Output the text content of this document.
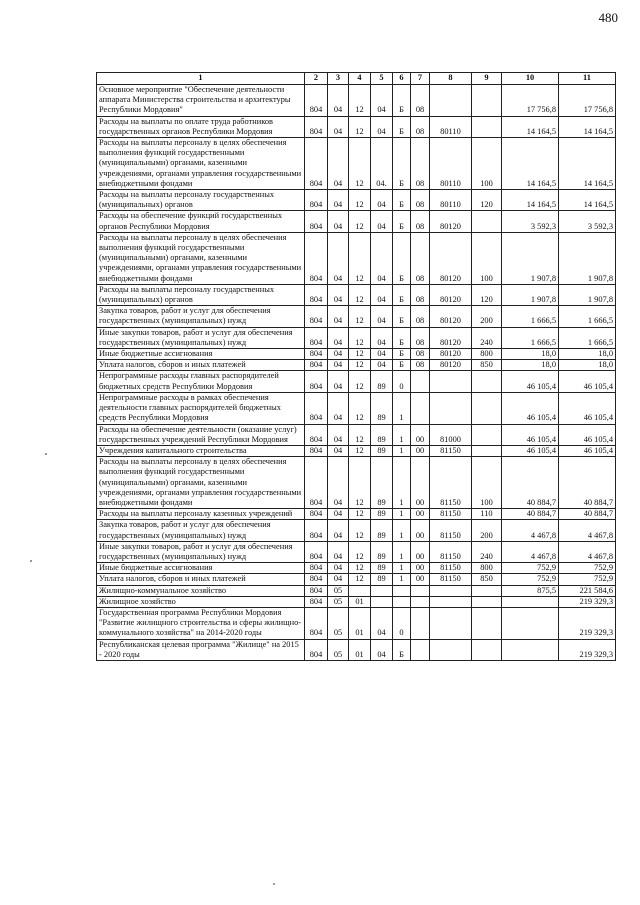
480
1	2	3	4	5	6	7	8	9	10	11
Основное мероприятие "Обеспечение деятельности аппарата Министерства строительства и архитектуры Республики Мордовия"	804	04	12	04	Б	08			17 756,8	17 756,8
Расходы на выплаты по оплате труда работников государственных органов Республики Мордовия	804	04	12	04	Б	08	80110		14 164,5	14 164,5
Расходы на выплаты персоналу в целях обеспечения выполнения функций государственными (муниципальными) органами, казенными учреждениями, органами управления государственными внебюджетными фондами	804	04	12	04.	Б	08	80110	100	14 164,5	14 164,5
Расходы на выплаты персоналу государственных (муниципальных) органов	804	04	12	04	Б	08	80110	120	14 164,5	14 164,5
Расходы на обеспечение функций государственных органов Республики Мордовия	804	04	12	04	Б	08	80120		3 592,3	3 592,3
Расходы на выплаты персоналу в целях обеспечения выполнения функций государственными (муниципальными) органами, казенными учреждениями, органами управления государственными внебюджетными фондами	804	04	12	04	Б	08	80120	100	1 907,8	1 907,8
Расходы на выплаты персоналу государственных (муниципальных) органов	804	04	12	04	Б	08	80120	120	1 907,8	1 907,8
Закупка товаров, работ и услуг для обеспечения государственных (муниципальных) нужд	804	04	12	04	Б	08	80120	200	1 666,5	1 666,5
Иные закупки товаров, работ и услуг для обеспечения государственных (муниципальных) нужд	804	04	12	04	Б	08	80120	240	1 666,5	1 666,5
Иные бюджетные ассигнования	804	04	12	04	Б	08	80120	800	18,0	18,0
Уплата налогов, сборов и иных платежей	804	04	12	04	Б	08	80120	850	18,0	18,0
Непрограммные расходы главных распорядителей бюджетных средств Республики Мордовия	804	04	12	89	0				46 105,4	46 105,4
Непрограммные расходы в рамках обеспечения деятельности главных распорядителей бюджетных средств Республики Мордовия	804	04	12	89	1				46 105,4	46 105,4
Расходы на обеспечение деятельности (оказание услуг) государственных учреждений Республики Мордовия	804	04	12	89	1	00	81000		46 105,4	46 105,4
Учреждения капитального строительства	804	04	12	89	1	00	81150		46 105,4	46 105,4
Расходы на выплаты персоналу в целях обеспечения выполнения функций государственными (муниципальными) органами, казенными учреждениями, органами управления государственными внебюджетными фондами	804	04	12	89	1	00	81150	100	40 884,7	40 884,7
Расходы на выплаты персоналу казенных учреждений	804	04	12	89	1	00	81150	110	40 884,7	40 884,7
Закупка товаров, работ и услуг для обеспечения государственных (муниципальных) нужд	804	04	12	89	1	00	81150	200	4 467,8	4 467,8
Иные закупки товаров, работ и услуг для обеспечения государственных (муниципальных) нужд	804	04	12	89	1	00	81150	240	4 467,8	4 467,8
Иные бюджетные ассигнования	804	04	12	89	1	00	81150	800	752,9	752,9
Уплата налогов, сборов и иных платежей	804	04	12	89	1	00	81150	850	752,9	752,9
Жилищно-коммунальное хозяйство	804	05							875,5	221 584,6
Жилищное хозяйство	804	05	01							219 329,3
Государственная программа Республики Мордовия "Развитие жилищного строительства и сферы жилищно-коммунального хозяйства" на 2014-2020 годы	804	05	01	04	0					219 329,3
Республиканская целевая программа "Жилище" на 2015 - 2020 годы	804	05	01	04	Б					219 329,3
